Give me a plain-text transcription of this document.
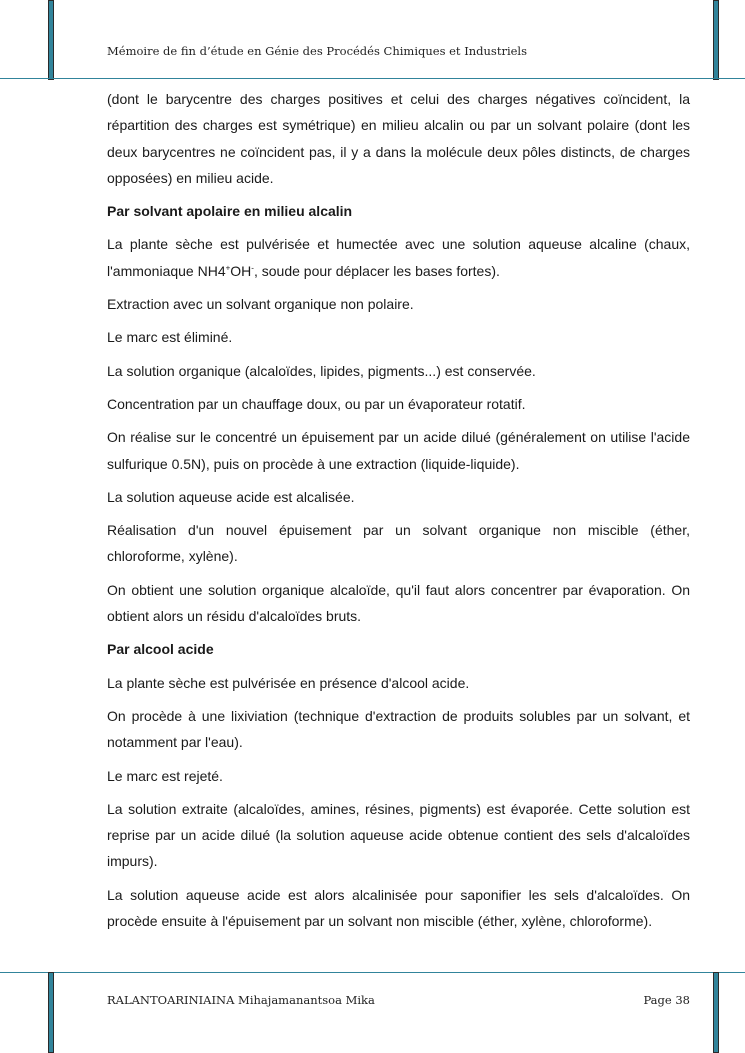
Mémoire de fin d’étude en Génie des Procédés Chimiques et Industriels

(dont le barycentre des charges positives et celui des charges négatives coïncident, la répartition des charges est symétrique) en milieu alcalin ou par un solvant polaire (dont les deux barycentres ne coïncident pas, il y a dans la molécule deux pôles distincts, de charges opposées) en milieu acide.

Par solvant apolaire en milieu alcalin

La plante sèche est pulvérisée et humectée avec une solution aqueuse alcaline (chaux, l'ammoniaque NH4+OH-, soude pour déplacer les bases fortes).

Extraction avec un solvant organique non polaire.

Le marc est éliminé.

La solution organique (alcaloïdes, lipides, pigments...) est conservée.

Concentration par un chauffage doux, ou par un évaporateur rotatif.

On réalise sur le concentré un épuisement par un acide dilué (généralement on utilise l'acide sulfurique 0.5N), puis on procède à une extraction (liquide-liquide).

La solution aqueuse acide est alcalisée.

Réalisation d'un nouvel épuisement par un solvant organique non miscible (éther, chloroforme, xylène).

On obtient une solution organique alcaloïde, qu'il faut alors concentrer par évaporation. On obtient alors un résidu d'alcaloïdes bruts.

Par alcool acide

La plante sèche est pulvérisée en présence d'alcool acide.

On procède à une lixiviation (technique d'extraction de produits solubles par un solvant, et notamment par l'eau).

Le marc est rejeté.

La solution extraite (alcaloïdes, amines, résines, pigments) est évaporée. Cette solution est reprise par un acide dilué (la solution aqueuse acide obtenue contient des sels d'alcaloïdes impurs).

La solution aqueuse acide est alors alcalinisée pour saponifier les sels d'alcaloïdes. On procède ensuite à l'épuisement par un solvant non miscible (éther, xylène, chloroforme).

RALANTOARINIAINA Mihajamanantsoa Mika	Page 38
